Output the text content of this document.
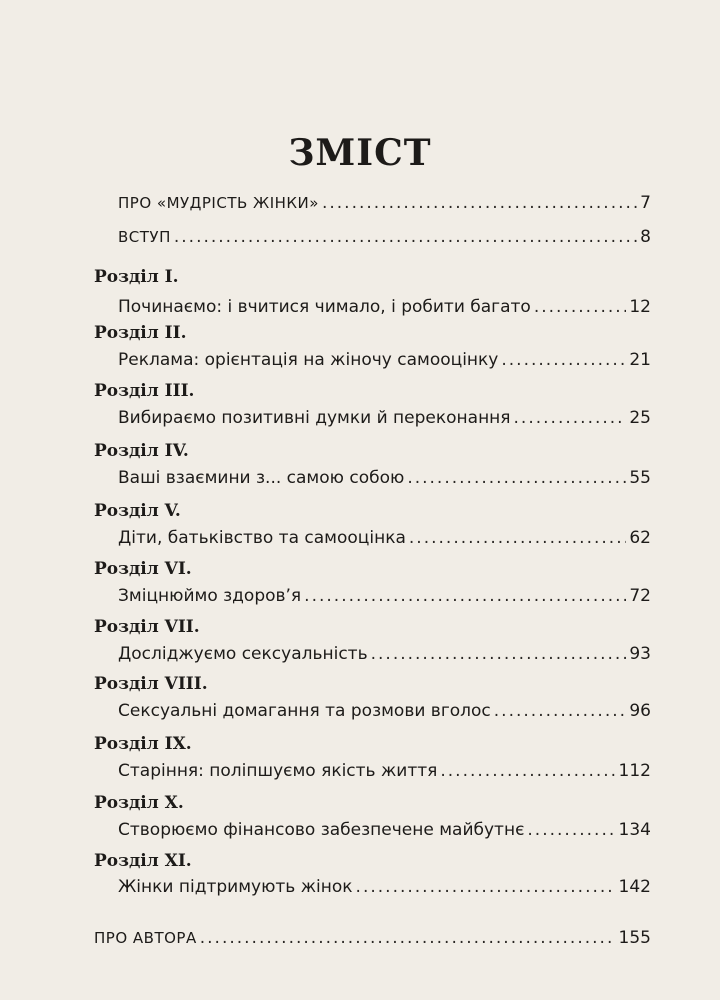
ЗМІСТ
ПРО «МУДРІСТЬ ЖІНКИ» .....	7
ВСТУП .....	8
Розділ I.
Починаємо: і вчитися чимало, і робити багато .....	12
Розділ II.
Реклама: орієнтація на жіночу самооцінку .....	21
Розділ III.
Вибираємо позитивні думки й переконання .....	25
Розділ IV.
Ваші взаємини з... самою собою .....	55
Розділ V.
Діти, батьківство та самооцінка .....	62
Розділ VI.
Зміцнюймо здоров’я .....	72
Розділ VII.
Досліджуємо сексуальність .....	93
Розділ VIII.
Сексуальні домагання та розмови вголос .....	96
Розділ IX.
Старіння: поліпшуємо якість життя .....	112
Розділ X.
Створюємо фінансово забезпечене майбутнє .....	134
Розділ XI.
Жінки підтримують жінок .....	142
ПРО АВТОРА .....	155
